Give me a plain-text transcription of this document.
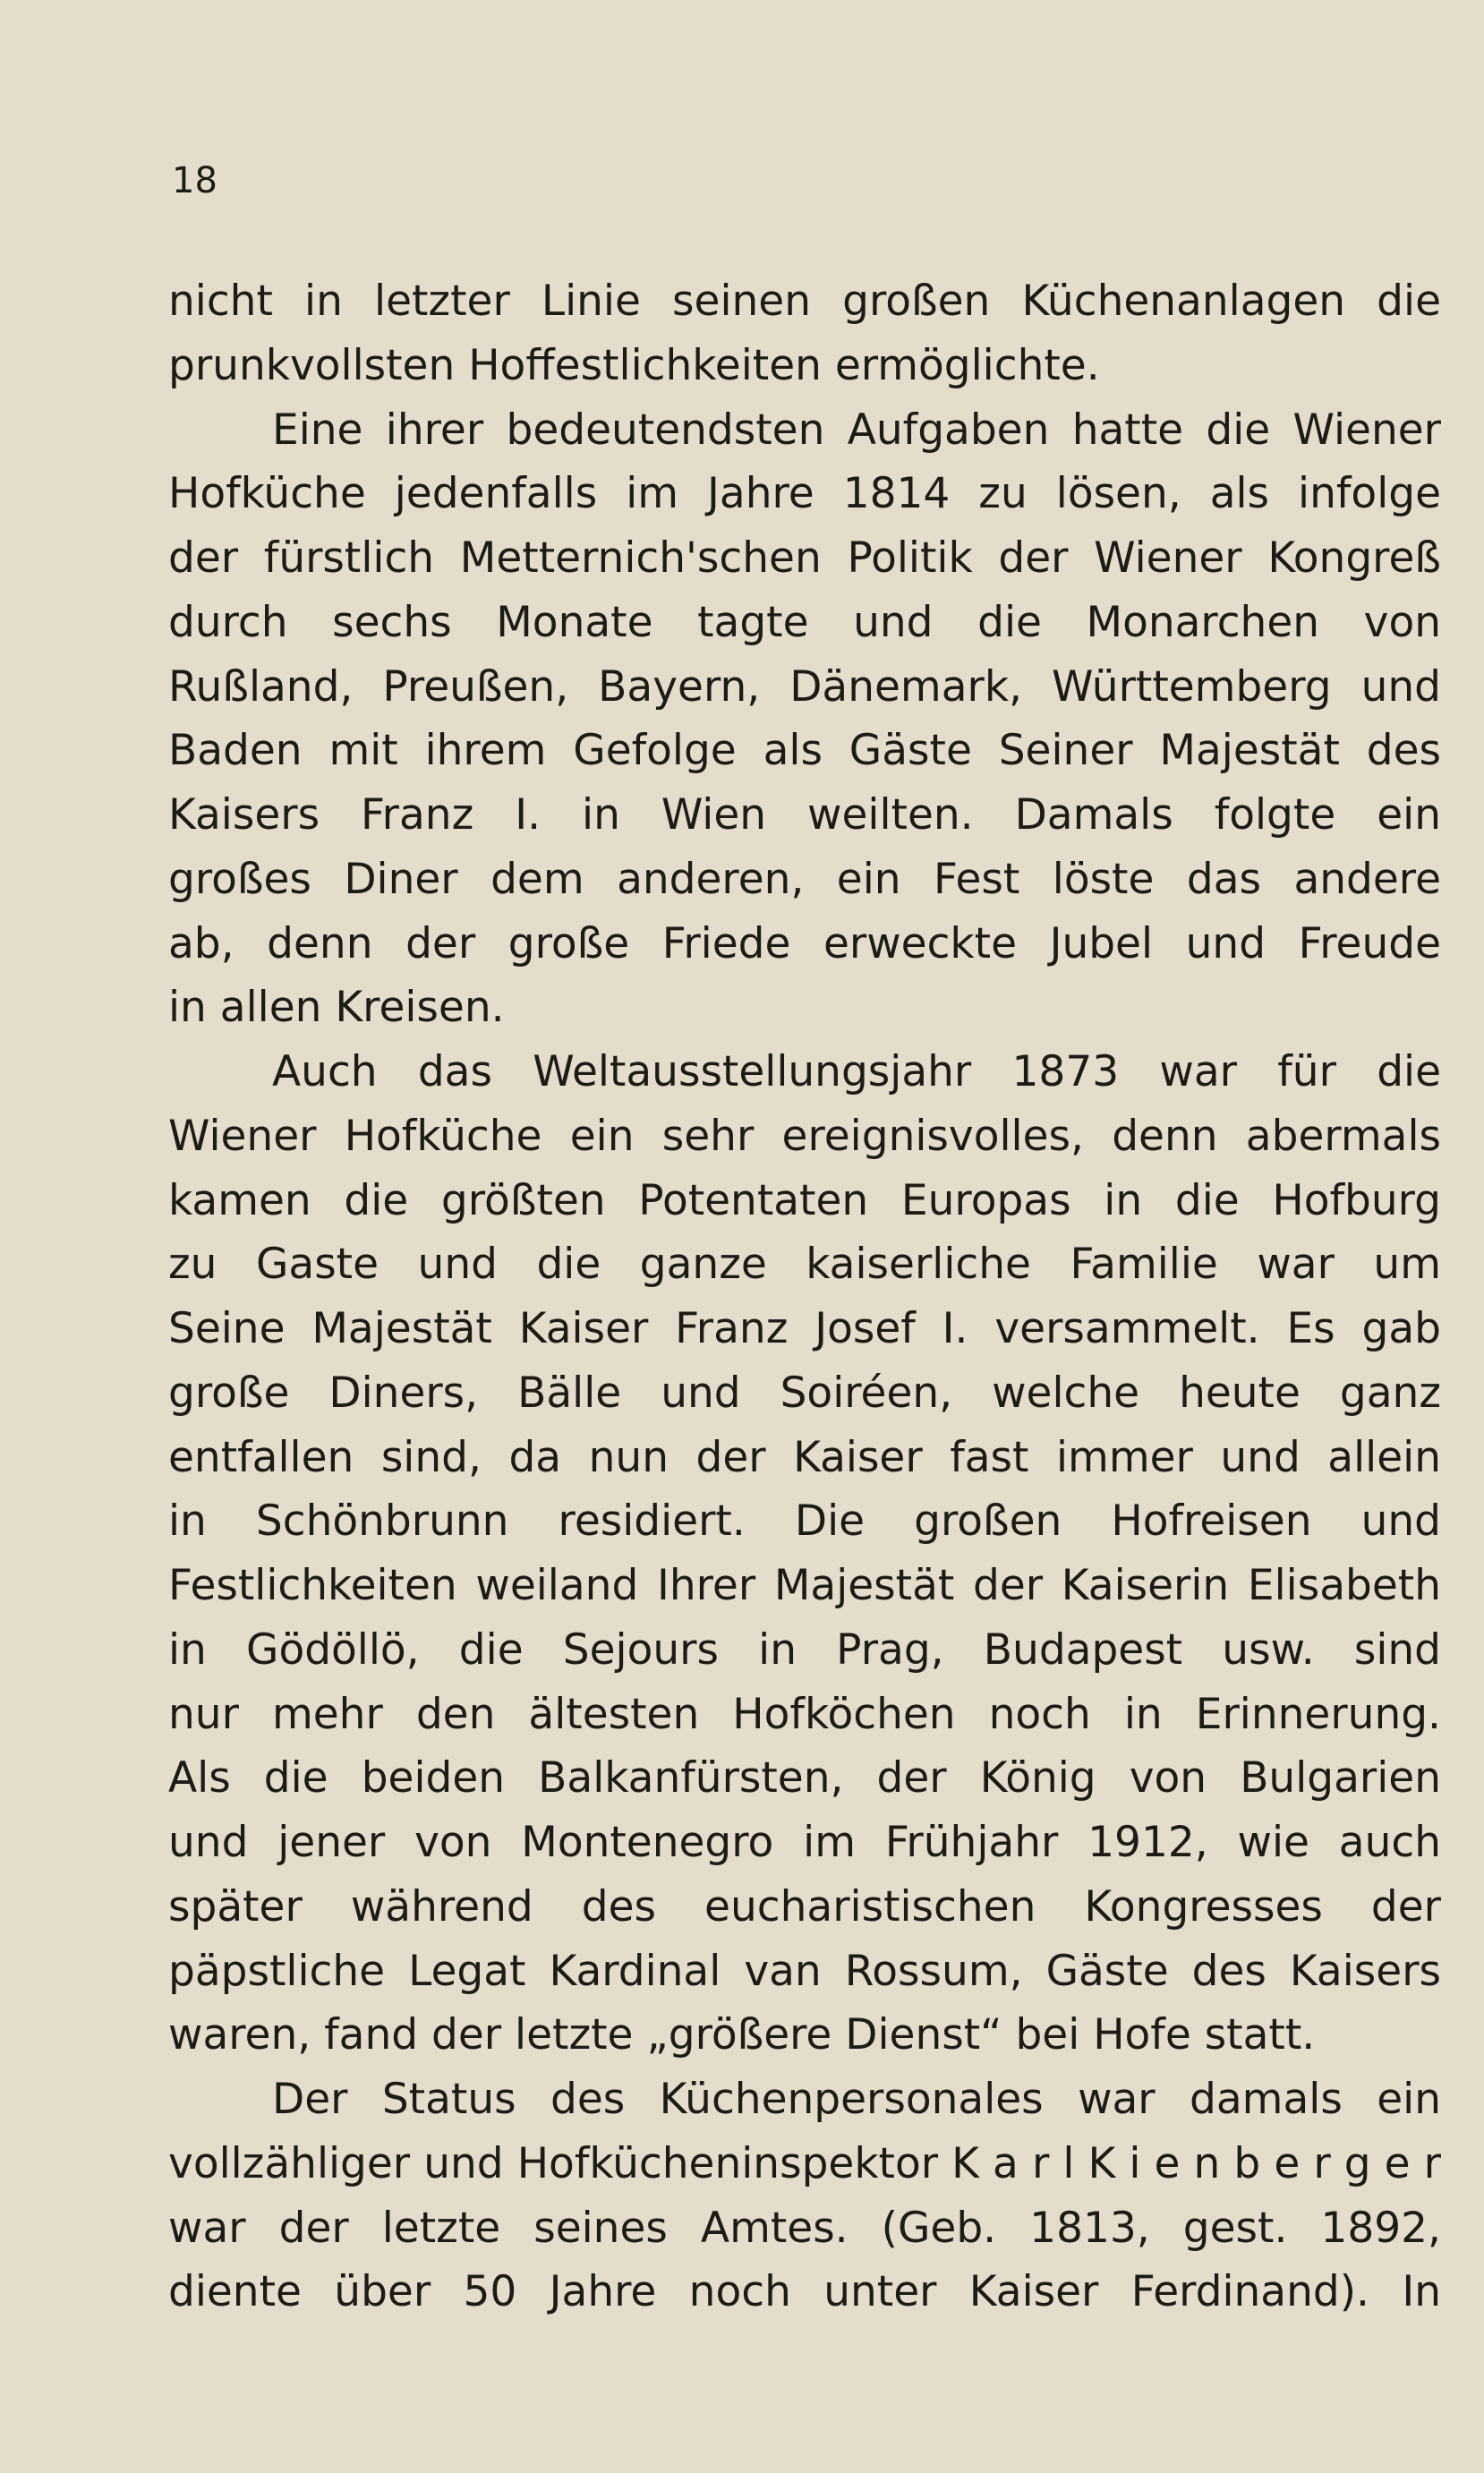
18
nicht in letzter Linie seinen großen Küchenanlagen die
prunkvollsten Hoffestlichkeiten ermöglichte.
Eine ihrer bedeutendsten Aufgaben hatte die Wiener
Hofküche jedenfalls im Jahre 1814 zu lösen, als infolge
der fürstlich Metternich'schen Politik der Wiener Kongreß
durch sechs Monate tagte und die Monarchen von
Rußland, Preußen, Bayern, Dänemark, Württemberg und
Baden mit ihrem Gefolge als Gäste Seiner Majestät des
Kaisers Franz I. in Wien weilten. Damals folgte ein
großes Diner dem anderen, ein Fest löste das andere
ab, denn der große Friede erweckte Jubel und Freude
in allen Kreisen.
Auch das Weltausstellungsjahr 1873 war für die
Wiener Hofküche ein sehr ereignisvolles, denn abermals
kamen die größten Potentaten Europas in die Hofburg
zu Gaste und die ganze kaiserliche Familie war um
Seine Majestät Kaiser Franz Josef I. versammelt. Es gab
große Diners, Bälle und Soiréen, welche heute ganz
entfallen sind, da nun der Kaiser fast immer und allein
in Schönbrunn residiert. Die großen Hofreisen und
Festlichkeiten weiland Ihrer Majestät der Kaiserin Elisabeth
in Gödöllö, die Sejours in Prag, Budapest usw. sind
nur mehr den ältesten Hofköchen noch in Erinnerung.
Als die beiden Balkanfürsten, der König von Bulgarien
und jener von Montenegro im Frühjahr 1912, wie auch
später während des eucharistischen Kongresses der
päpstliche Legat Kardinal van Rossum, Gäste des Kaisers
waren, fand der letzte „größere Dienst“ bei Hofe statt.
Der Status des Küchenpersonales war damals ein
vollzähliger und Hofkücheninspektor K a r l K i e n b e r g e r
war der letzte seines Amtes. (Geb. 1813, gest. 1892,
diente über 50 Jahre noch unter Kaiser Ferdinand). In
